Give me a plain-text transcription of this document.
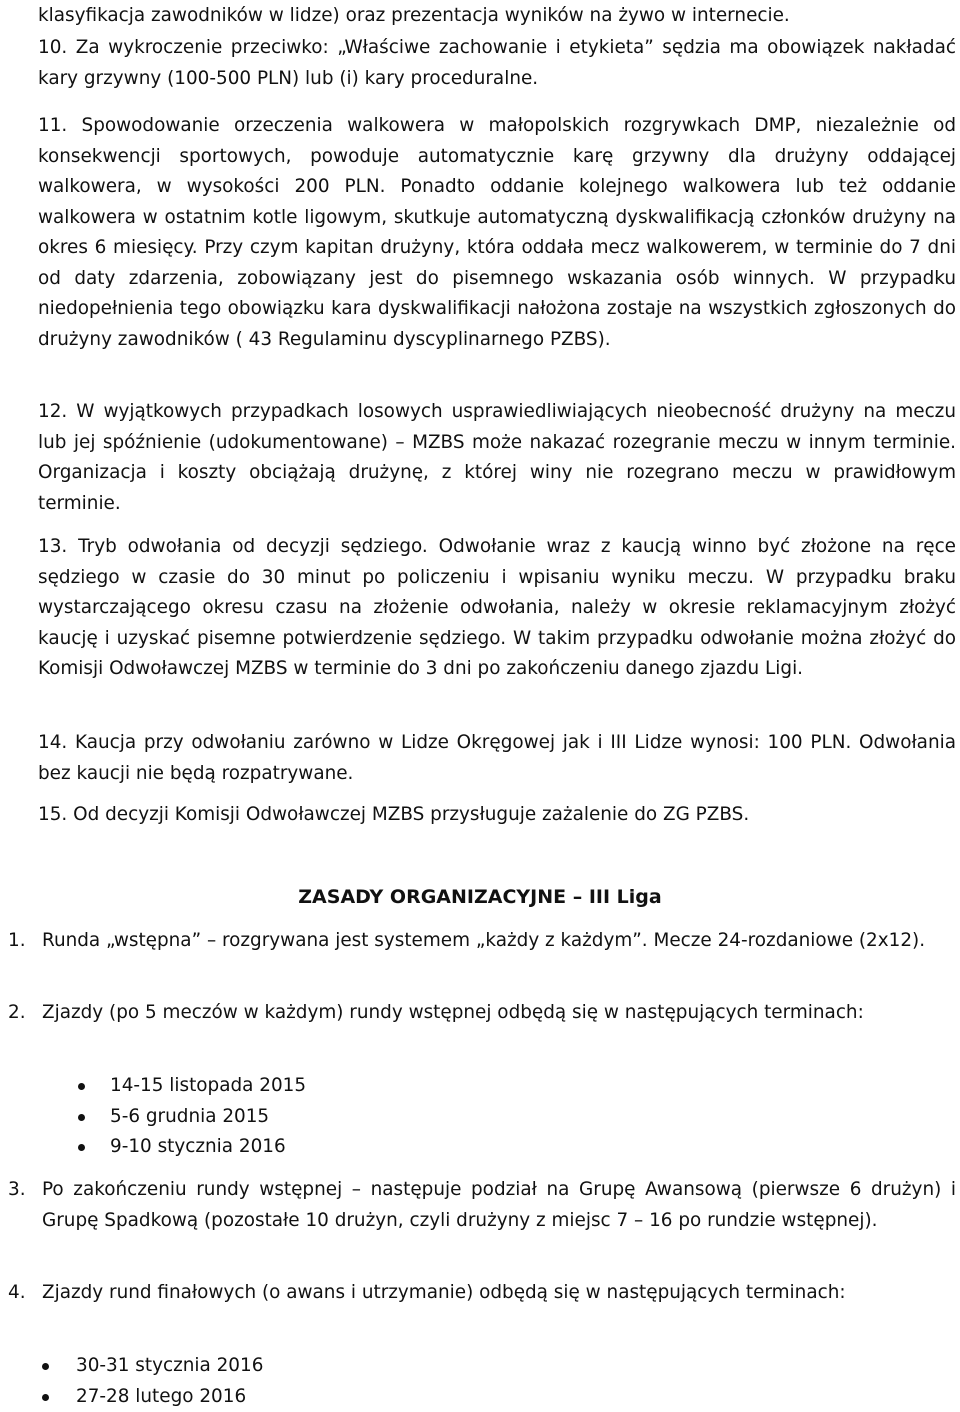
klasyfikacja zawodników w lidze) oraz prezentacja wyników na żywo w internecie.
10. Za wykroczenie przeciwko: „Właściwe zachowanie i etykieta” sędzia ma obowiązek nakładać kary grzywny (100-500 PLN) lub (i) kary proceduralne.
11. Spowodowanie orzeczenia walkowera w małopolskich rozgrywkach DMP, niezależnie od konsekwencji sportowych, powoduje automatycznie karę grzywny dla drużyny oddającej walkowera, w wysokości 200 PLN. Ponadto oddanie kolejnego walkowera lub też oddanie walkowera w ostatnim kotle ligowym, skutkuje automatyczną dyskwalifikacją członków drużyny na okres 6 miesięcy. Przy czym kapitan drużyny, która oddała mecz walkowerem, w terminie do 7 dni od daty zdarzenia, zobowiązany jest do pisemnego wskazania osób winnych. W przypadku niedopełnienia tego obowiązku kara dyskwalifikacji nałożona zostaje na wszystkich zgłoszonych do drużyny zawodników ( 43 Regulaminu dyscyplinarnego PZBS).
12. W wyjątkowych przypadkach losowych usprawiedliwiających nieobecność drużyny na meczu lub jej spóźnienie (udokumentowane) – MZBS może nakazać rozegranie meczu w innym terminie. Organizacja i koszty obciążają drużynę, z której winy nie rozegrano meczu w prawidłowym terminie.
13. Tryb odwołania od decyzji sędziego. Odwołanie wraz z kaucją winno być złożone na ręce sędziego w czasie do 30 minut po policzeniu i wpisaniu wyniku meczu. W przypadku braku wystarczającego okresu czasu na złożenie odwołania, należy w okresie reklamacyjnym złożyć kaucję i uzyskać pisemne potwierdzenie sędziego. W takim przypadku odwołanie można złożyć do Komisji Odwoławczej MZBS w terminie do 3 dni po zakończeniu danego zjazdu Ligi.
14. Kaucja przy odwołaniu zarówno w Lidze Okręgowej jak i III Lidze wynosi: 100 PLN. Odwołania bez kaucji nie będą rozpatrywane.
15. Od decyzji Komisji Odwoławczej MZBS przysługuje zażalenie do ZG PZBS.
ZASADY ORGANIZACYJNE – III Liga
1. Runda „wstępna” – rozgrywana jest systemem „każdy z każdym”. Mecze 24-rozdaniowe (2x12).
2. Zjazdy (po 5 meczów w każdym) rundy wstępnej odbędą się w następujących terminach:
14-15 listopada 2015
5-6 grudnia 2015
9-10 stycznia 2016
3. Po zakończeniu rundy wstępnej – następuje podział na Grupę Awansową (pierwsze 6 drużyn) i Grupę Spadkową (pozostałe 10 drużyn, czyli drużyny z miejsc 7 – 16 po rundzie wstępnej).
4. Zjazdy rund finałowych (o awans i utrzymanie) odbędą się w następujących terminach:
30-31 stycznia 2016
27-28 lutego 2016
